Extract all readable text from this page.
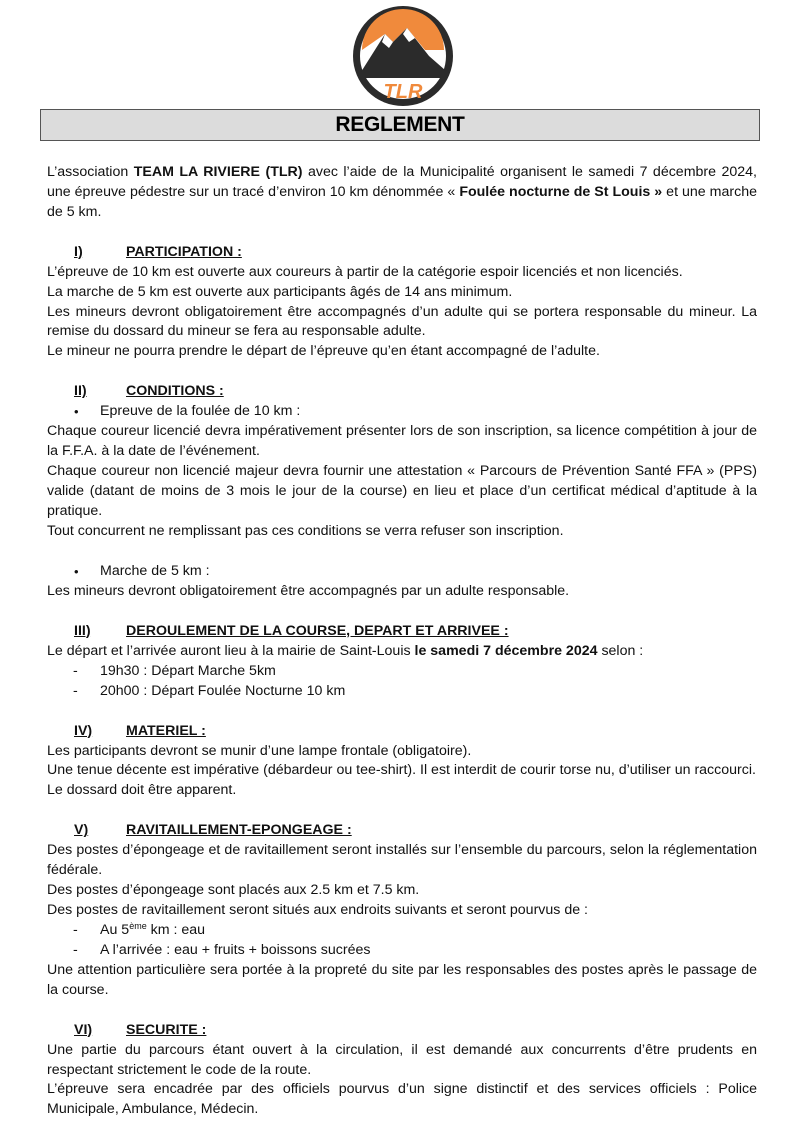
TLR
REGLEMENT

L’association TEAM LA RIVIERE (TLR) avec l’aide de la Municipalité organisent le samedi 7 décembre 2024, une épreuve pédestre sur un tracé d’environ 10 km dénommée « Foulée nocturne de St Louis » et une marche de 5 km.

I)	PARTICIPATION :

L’épreuve de 10 km est ouverte aux coureurs à partir de la catégorie espoir licenciés et non licenciés.

La marche de 5 km est ouverte aux participants âgés de 14 ans minimum.

Les mineurs devront obligatoirement être accompagnés d’un adulte qui se portera responsable du mineur. La remise du dossard du mineur se fera au responsable adulte.

Le mineur ne pourra prendre le départ de l’épreuve qu’en étant accompagné de l’adulte.

II)	CONDITIONS :
• Epreuve de la foulée de 10 km :

Chaque coureur licencié devra impérativement présenter lors de son inscription, sa licence compétition à jour de la F.F.A. à la date de l’événement.

Chaque coureur non licencié majeur devra fournir une attestation « Parcours de Prévention Santé FFA » (PPS) valide (datant de moins de 3 mois le jour de la course) en lieu et place d’un certificat médical d’aptitude à la pratique.

Tout concurrent ne remplissant pas ces conditions se verra refuser son inscription.

• Marche de 5 km :

Les mineurs devront obligatoirement être accompagnés par un adulte responsable.

III) DEROULEMENT DE LA COURSE, DEPART ET ARRIVEE :

Le départ et l’arrivée auront lieu à la mairie de Saint-Louis le samedi 7 décembre 2024 selon :

- 19h30 : Départ Marche 5km
- 20h00 : Départ Foulée Nocturne 10 km
IV) MATERIEL :

Les participants devront se munir d’une lampe frontale (obligatoire).

Une tenue décente est impérative (débardeur ou tee-shirt). Il est interdit de courir torse nu, d’utiliser un raccourci.

Le dossard doit être apparent.

V)	RAVITAILLEMENT-EPONGEAGE :

Des postes d’épongeage et de ravitaillement seront installés sur l’ensemble du parcours, selon la réglementation fédérale.

Des postes d’épongeage sont placés aux 2.5 km et 7.5 km.

Des postes de ravitaillement seront situés aux endroits suivants et seront pourvus de :

- Au 5ème km : eau
- A l’arrivée : eau + fruits + boissons sucrées

Une attention particulière sera portée à la propreté du site par les responsables des postes après le passage de la course.

VI) SECURITE :

Une partie du parcours étant ouvert à la circulation, il est demandé aux concurrents d’être prudents en respectant strictement le code de la route.

L’épreuve sera encadrée par des officiels pourvus d’un signe distinctif et des services officiels : Police Municipale, Ambulance, Médecin.
